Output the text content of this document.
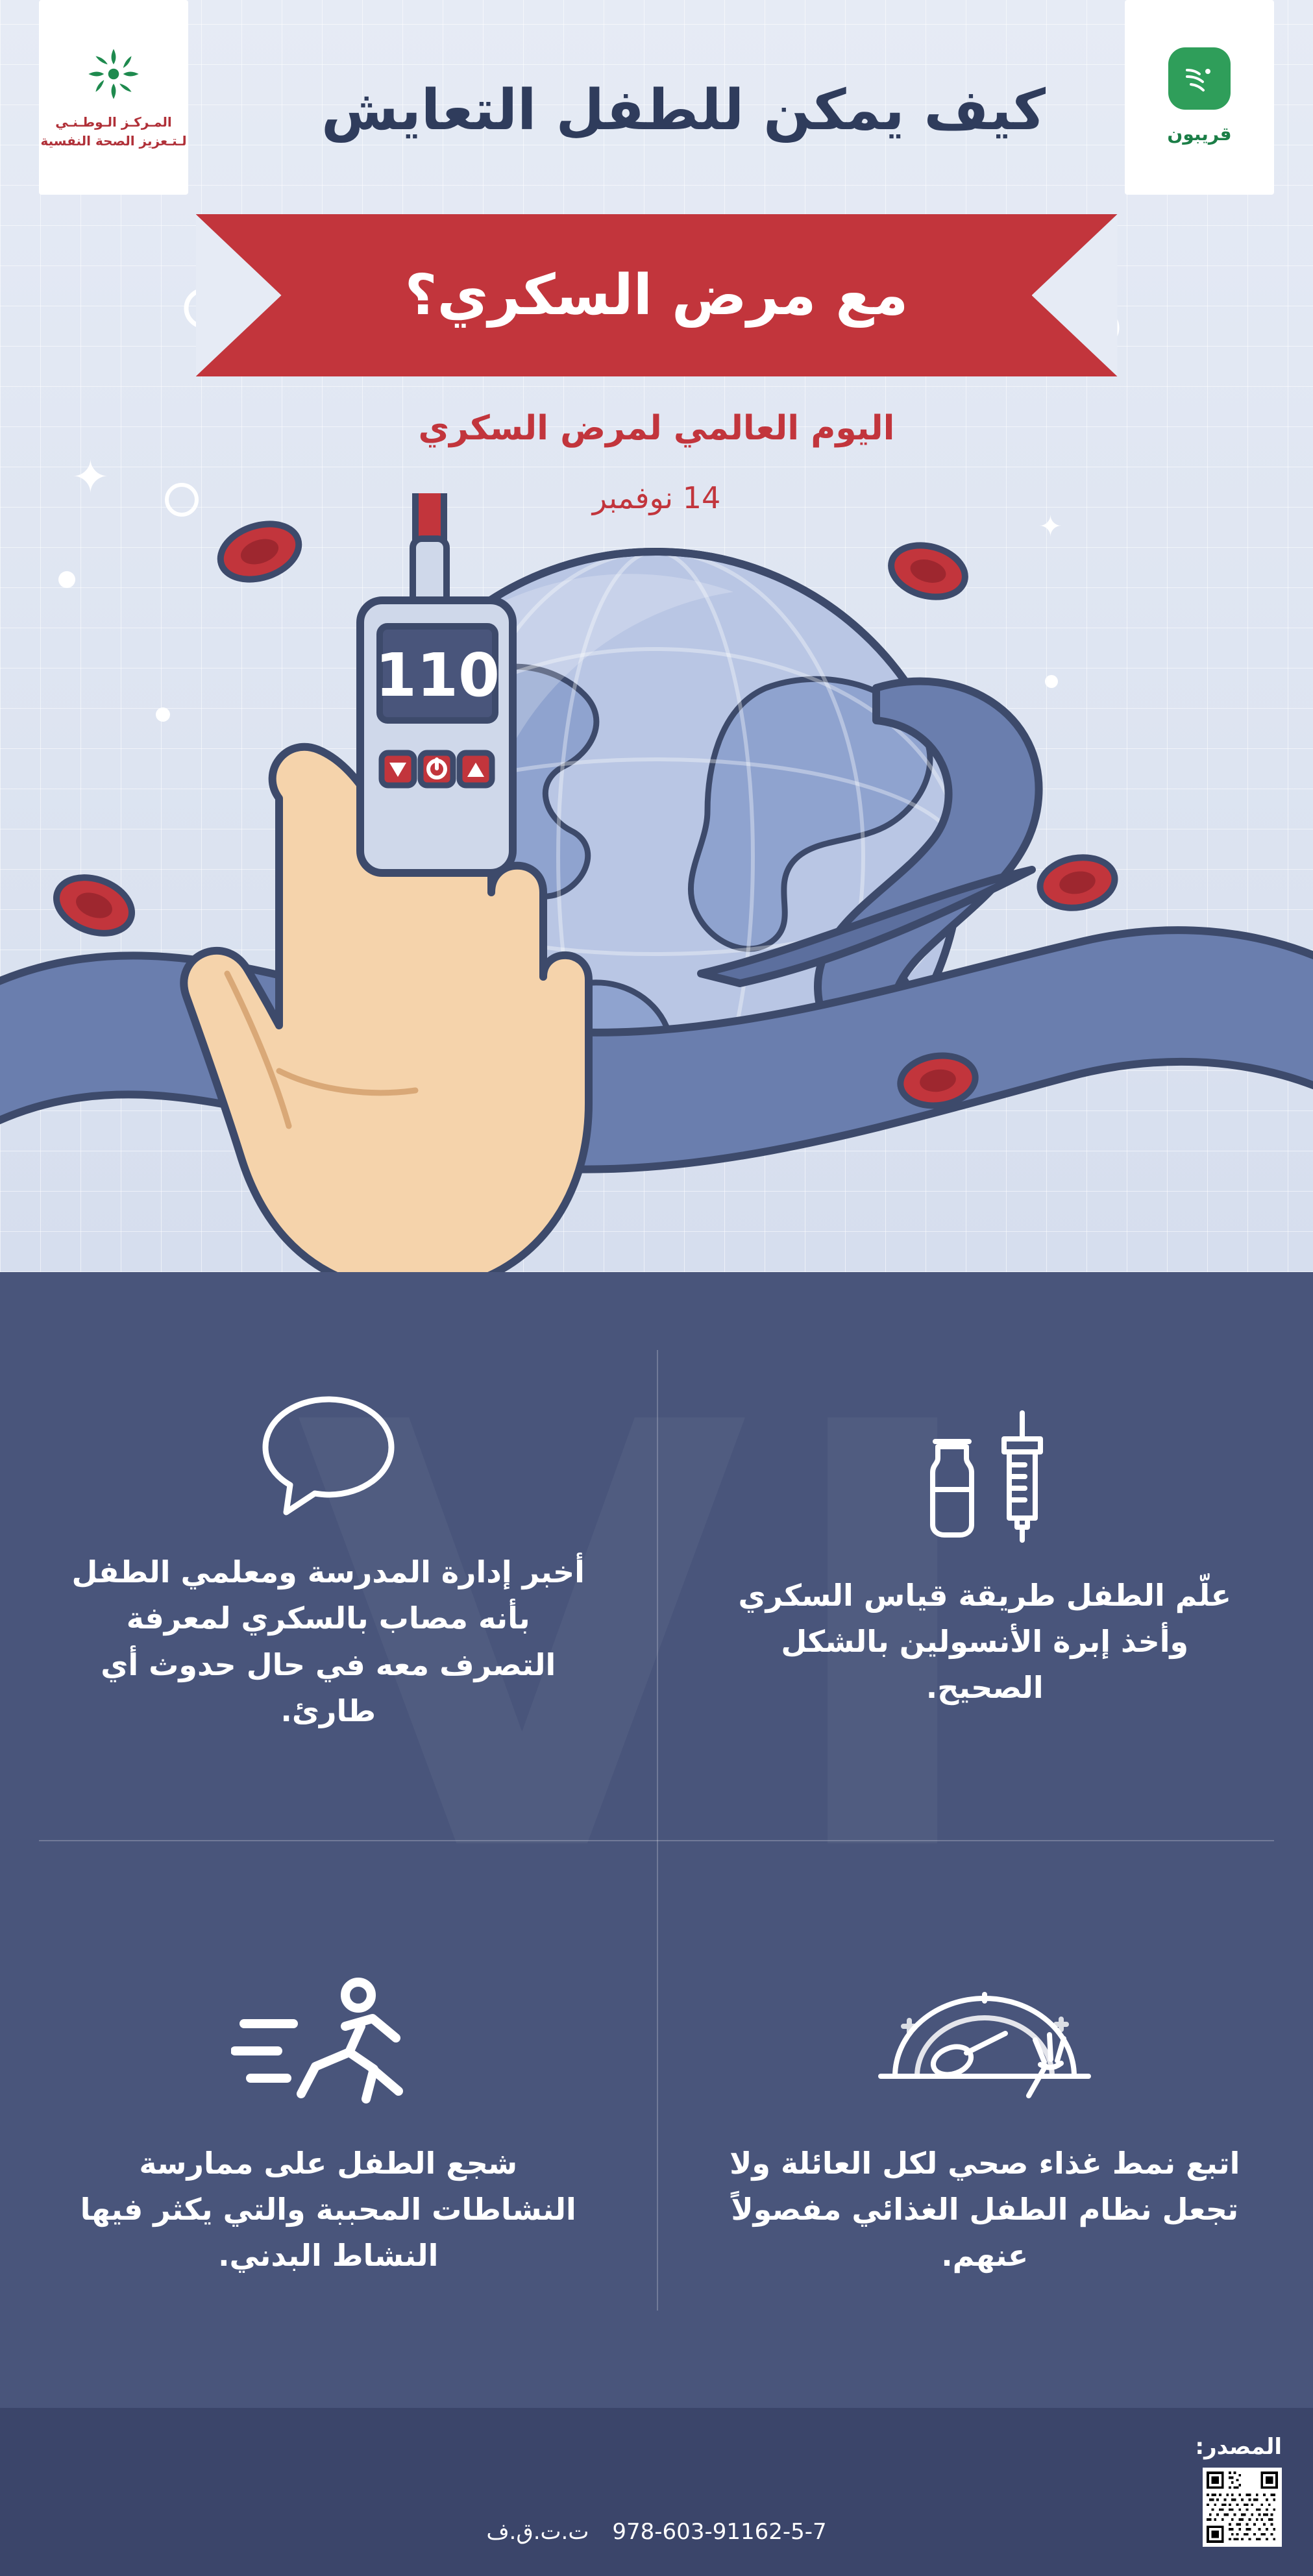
✦
✦
المـركـز الـوطـنـي
لـتـعزيز الصحة النفسية	قريبون
كيف يمكن للطفل التعايش
مع مرض السكري؟
اليوم العالمي لمرض السكري
14 نوفمبر
110
علّم الطفل طريقة قياس السكري وأخذ إبرة الأنسولين بالشكل الصحيح.
أخبر إدارة المدرسة ومعلمي الطفل بأنه مصاب بالسكري لمعرفة التصرف معه في حال حدوث أي طارئ.
اتبع نمط غذاء صحي لكل العائلة ولا تجعل نظام الطفل الغذائي مفصولاً عنهم.
شجع الطفل على ممارسة النشاطات المحببة والتي يكثر فيها النشاط البدني.
المصدر:
978-603-91162-5-7
ت.ت.ق.ف
